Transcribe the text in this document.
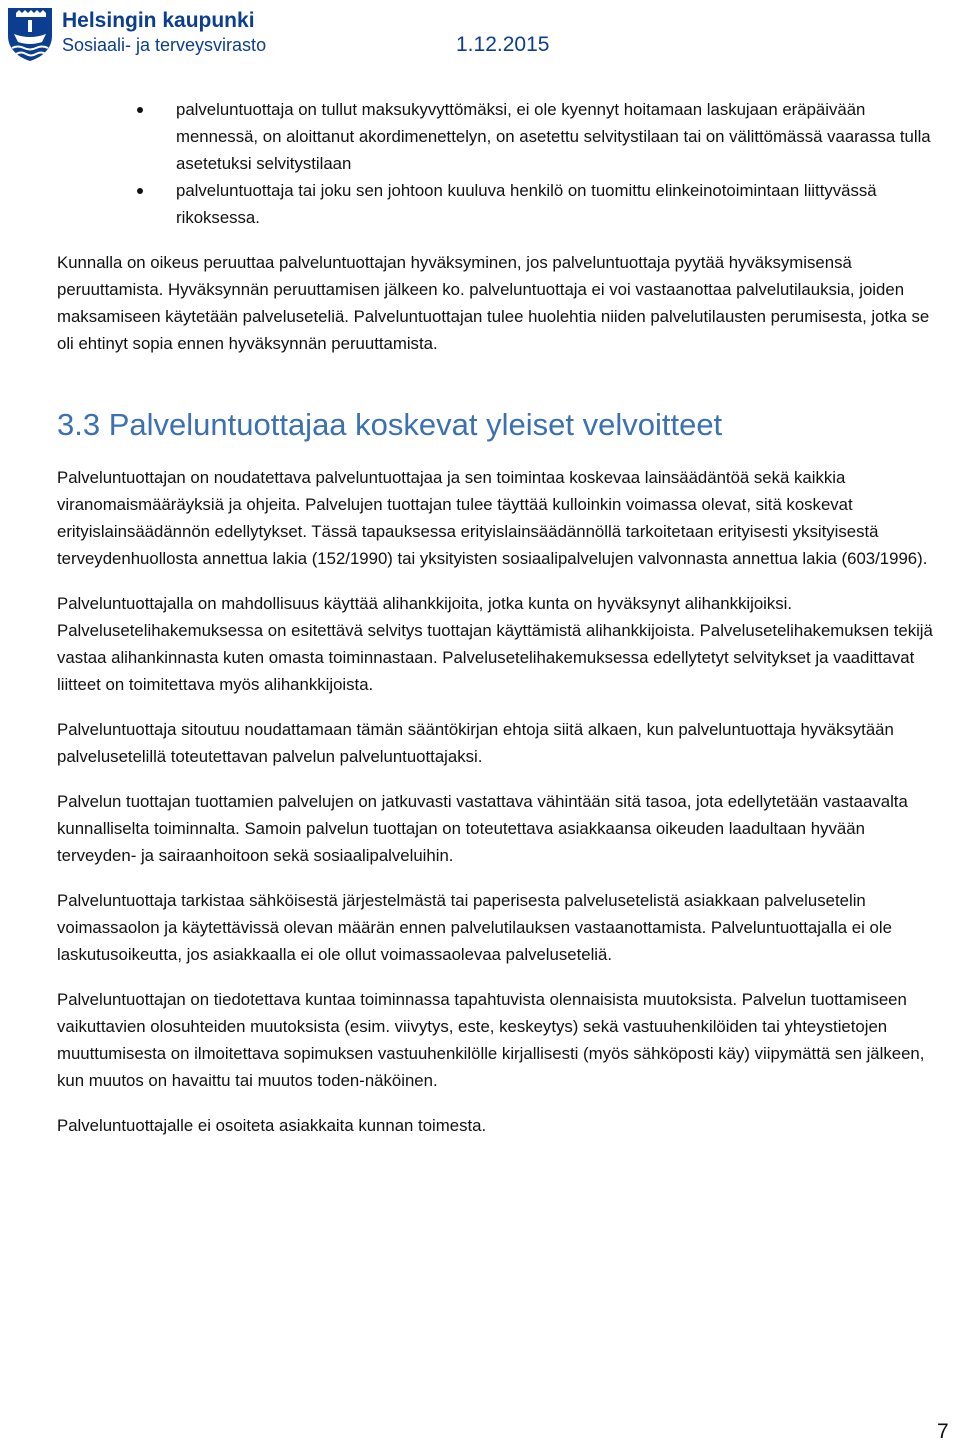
Helsingin kaupunki
Sosiaali- ja terveysvirasto	1.12.2015
palveluntuottaja on tullut maksukyvyttömäksi, ei ole kyennyt hoitamaan laskujaan eräpäivään mennessä, on aloittanut akordimenettelyn, on asetettu selvitystilaan tai on välittömässä vaarassa tulla asetetuksi selvitystilaan
palveluntuottaja tai joku sen johtoon kuuluva henkilö on tuomittu elinkeinotoimintaan liittyvässä rikoksessa.

Kunnalla on oikeus peruuttaa palveluntuottajan hyväksyminen, jos palveluntuottaja pyytää hyväksymisensä peruuttamista. Hyväksynnän peruuttamisen jälkeen ko. palveluntuottaja ei voi vastaanottaa palvelutilauksia, joiden maksamiseen käytetään palveluseteliä. Palveluntuottajan tulee huolehtia niiden palvelutilausten perumisesta, jotka se oli ehtinyt sopia ennen hyväksynnän peruuttamista.

3.3 Palveluntuottajaa koskevat yleiset velvoitteet

Palveluntuottajan on noudatettava palveluntuottajaa ja sen toimintaa koskevaa lainsäädäntöä sekä kaikkia viranomaismääräyksiä ja ohjeita. Palvelujen tuottajan tulee täyttää kulloinkin voimassa olevat, sitä koskevat erityislainsäädännön edellytykset. Tässä tapauksessa erityislainsäädännöllä tarkoitetaan erityisesti yksityisestä terveydenhuollosta annettua lakia (152/1990) tai yksityisten sosiaalipalvelujen valvonnasta annettua lakia (603/1996).

Palveluntuottajalla on mahdollisuus käyttää alihankkijoita, jotka kunta on hyväksynyt alihankkijoiksi. Palvelusetelihakemuksessa on esitettävä selvitys tuottajan käyttämistä alihankkijoista. Palvelusetelihakemuksen tekijä vastaa alihankinnasta kuten omasta toiminnastaan. Palvelusetelihakemuksessa edellytetyt selvitykset ja vaadittavat liitteet on toimitettava myös alihankkijoista.

Palveluntuottaja sitoutuu noudattamaan tämän sääntökirjan ehtoja siitä alkaen, kun palveluntuottaja hyväksytään palvelusetelillä toteutettavan palvelun palveluntuottajaksi.

Palvelun tuottajan tuottamien palvelujen on jatkuvasti vastattava vähintään sitä tasoa, jota edellytetään vastaavalta kunnalliselta toiminnalta. Samoin palvelun tuottajan on toteutettava asiakkaansa oikeuden laadultaan hyvään terveyden- ja sairaanhoitoon sekä sosiaalipalveluihin.

Palveluntuottaja tarkistaa sähköisestä järjestelmästä tai paperisesta palvelusetelistä asiakkaan palvelusetelin voimassaolon ja käytettävissä olevan määrän ennen palvelutilauksen vastaanottamista. Palveluntuottajalla ei ole laskutusoikeutta, jos asiakkaalla ei ole ollut voimassaolevaa palveluseteliä.

Palveluntuottajan on tiedotettava kuntaa toiminnassa tapahtuvista olennaisista muutoksista. Palvelun tuottamiseen vaikuttavien olosuhteiden muutoksista (esim. viivytys, este, keskeytys) sekä vastuuhenkilöiden tai yhteystietojen muuttumisesta on ilmoitettava sopimuksen vastuuhenkilölle kirjallisesti (myös sähköposti käy) viipymättä sen jälkeen, kun muutos on havaittu tai muutos toden-näköinen.

Palveluntuottajalle ei osoiteta asiakkaita kunnan toimesta.

7
